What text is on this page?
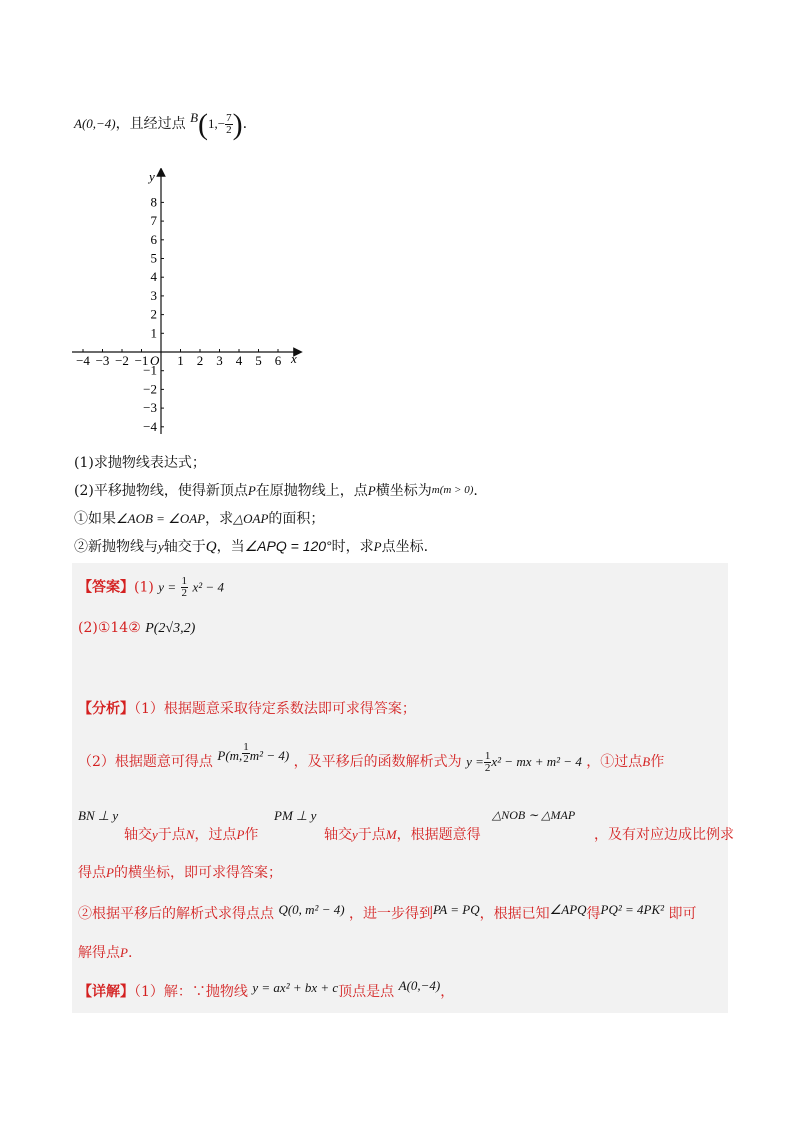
A(0,−4)，且经过点 $B(1,- \frac{7}{2}$ ).
−4 −3 −2 −1 1 2 3 4 5 6
8
7
6
5
4
3
2
1
−1
−2
−3
−4
x
y
O
(1)求抛物线表达式；
(2)平移抛物线，使得新顶点P在原抛物线上，点P横坐标为m(m > 0).
①如果∠AOB = ∠OAP，求△OAP的面积；
②新抛物线与y轴交于Q，当∠APQ = 120°时，求P点坐标.
【答案】(1) $y = \frac{1}{2} x^2 - 4$
(2)①14② P(2√3,2)
【分析】（1）根据题意采取待定系数法即可求得答案；
（2）根据题意可得点 P(m, $\frac{1}{2} m^2 - 4$) ，及平移后的函数解析式为 $y = \frac{1}{2} x^2$ − mx + m² − 4 ，①过点B作
BN ⊥ y	PM ⊥ y	△NOB ∼ △MAP
轴交y于点N，过点P作	轴交y于点M，根据题意得	，及有对应边成比例求
得点P的横坐标，即可求得答案；
②根据平移后的解析式求得点点 Q(0, m² − 4) ，进一步得到PA = PQ，根据已知∠APQ得PQ² = 4PK² 即可
解得点P.
【详解】（1）解：∵抛物线 y = ax² + bx + c顶点是点 A(0,−4)，
